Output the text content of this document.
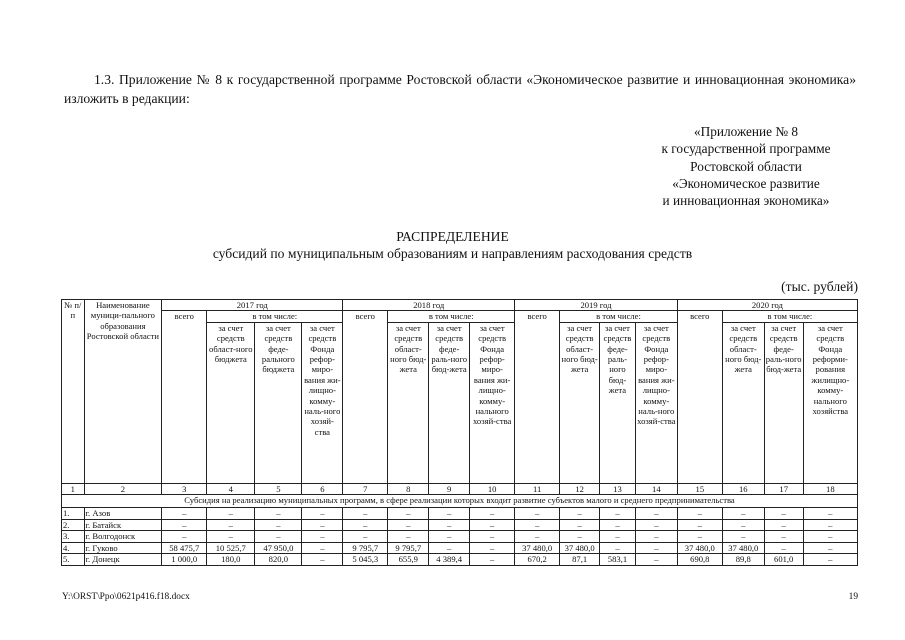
1.3. Приложение № 8 к государственной программе Ростовской области «Экономическое развитие и инновационная экономика» изложить в редакции:

«Приложение № 8
к государственной программе
Ростовской области
«Экономическое развитие
и инновационная экономика»
РАСПРЕДЕЛЕНИЕ
субсидий по муниципальным образованиям и направлениям расходования средств
(тыс. рублей)
№ п/п	Наименование муници-пального образования Ростовской области	2017 год				2018 год				2019 год				2020 год			
		всего	в том числе:			всего	в том числе:			всего	в том числе:			всего	в том числе:		
			за счет средств област-ного бюджета	за счет средств феде-рального бюджета	за счет средств Фонда рефор-миро-вания жи-лищно-комму-наль-ного хозяй-ства		за счет средств област-ного бюд-жета	за счет средств феде-раль-ного бюд-жета	за счет средств Фонда рефор-миро-вания жи-лищно-комму-нального хозяй-ства		за счет средств област-ного бюд-жета	за счет средств феде-раль-ного бюд-жета	за счет средств Фонда рефор-миро-вания жи-лищно-комму-наль-ного хозяй-ства		за счет средств област-ного бюд-жета	за счет средств феде-раль-ного бюд-жета	за счет средств Фонда реформи-рования жилищно-комму-нального хозяйства
1	2	3	4	5	6	7	8	9	10	11	12	13	14	15	16	17	18
Субсидия на реализацию муниципальных программ, в сфере реализации которых входит развитие субъектов малого и среднего предпринимательства																	
1.	г. Азов	–	–	–	–	–	–	–	–	–	–	–	–	–	–	–	–
2.	г. Батайск	–	–	–	–	–	–	–	–	–	–	–	–	–	–	–	–
3.	г. Волгодонск	–	–	–	–	–	–	–	–	–	–	–	–	–	–	–	–
4.	г. Гуково	58 475,7	10 525,7	47 950,0	–	9 795,7	9 795,7	–	–	37 480,0	37 480,0	–	–	37 480,0	37 480,0	–	–
5.	г. Донецк	1 000,0	180,0	820,0	–	5 045,3	655,9	4 389,4	–	670,2	87,1	583,1	–	690,8	89,8	601,0	–
Y:\ORST\Ppo\0621p416.f18.docx	19
